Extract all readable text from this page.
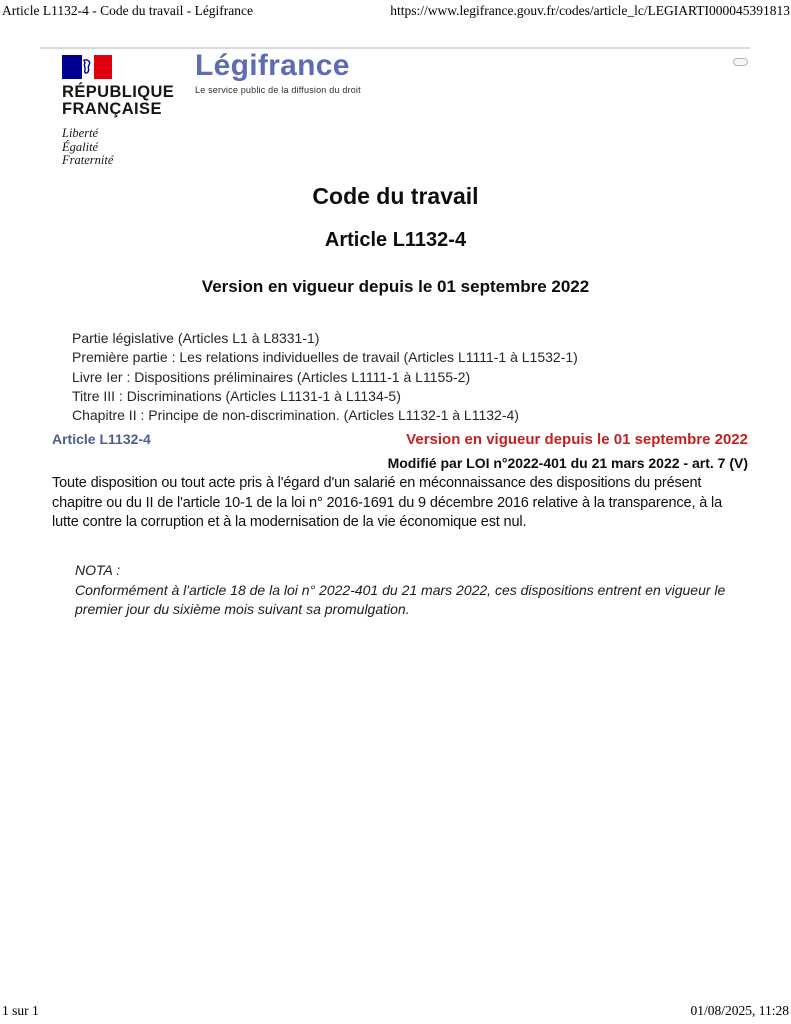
Article L1132-4 - Code du travail - Légifrance	https://www.legifrance.gouv.fr/codes/article_lc/LEGIARTI000045391813
RÉPUBLIQUE
FRANÇAISE
Liberté
Égalité
Fraternité
Légifrance
Le service public de la diffusion du droit
Code du travail
Article L1132-4
Version en vigueur depuis le 01 septembre 2022
Partie législative (Articles L1 à L8331-1)
Première partie : Les relations individuelles de travail (Articles L1111-1 à L1532-1)
Livre Ier : Dispositions préliminaires (Articles L1111-1 à L1155-2)
Titre III : Discriminations (Articles L1131-1 à L1134-5)
Chapitre II : Principe de non-discrimination. (Articles L1132-1 à L1132-4)
Article L1132-4	Version en vigueur depuis le 01 septembre 2022
Modifié par LOI n°2022-401 du 21 mars 2022 - art. 7 (V)
Toute disposition ou tout acte pris à l'égard d'un salarié en méconnaissance des dispositions du présent chapitre ou du II de l'article 10-1 de la loi n° 2016-1691 du 9 décembre 2016 relative à la transparence, à la lutte contre la corruption et à la modernisation de la vie économique est nul.
NOTA :
Conformément à l'article 18 de la loi n° 2022-401 du 21 mars 2022, ces dispositions entrent en vigueur le premier jour du sixième mois suivant sa promulgation.
1 sur 1	01/08/2025, 11:28
